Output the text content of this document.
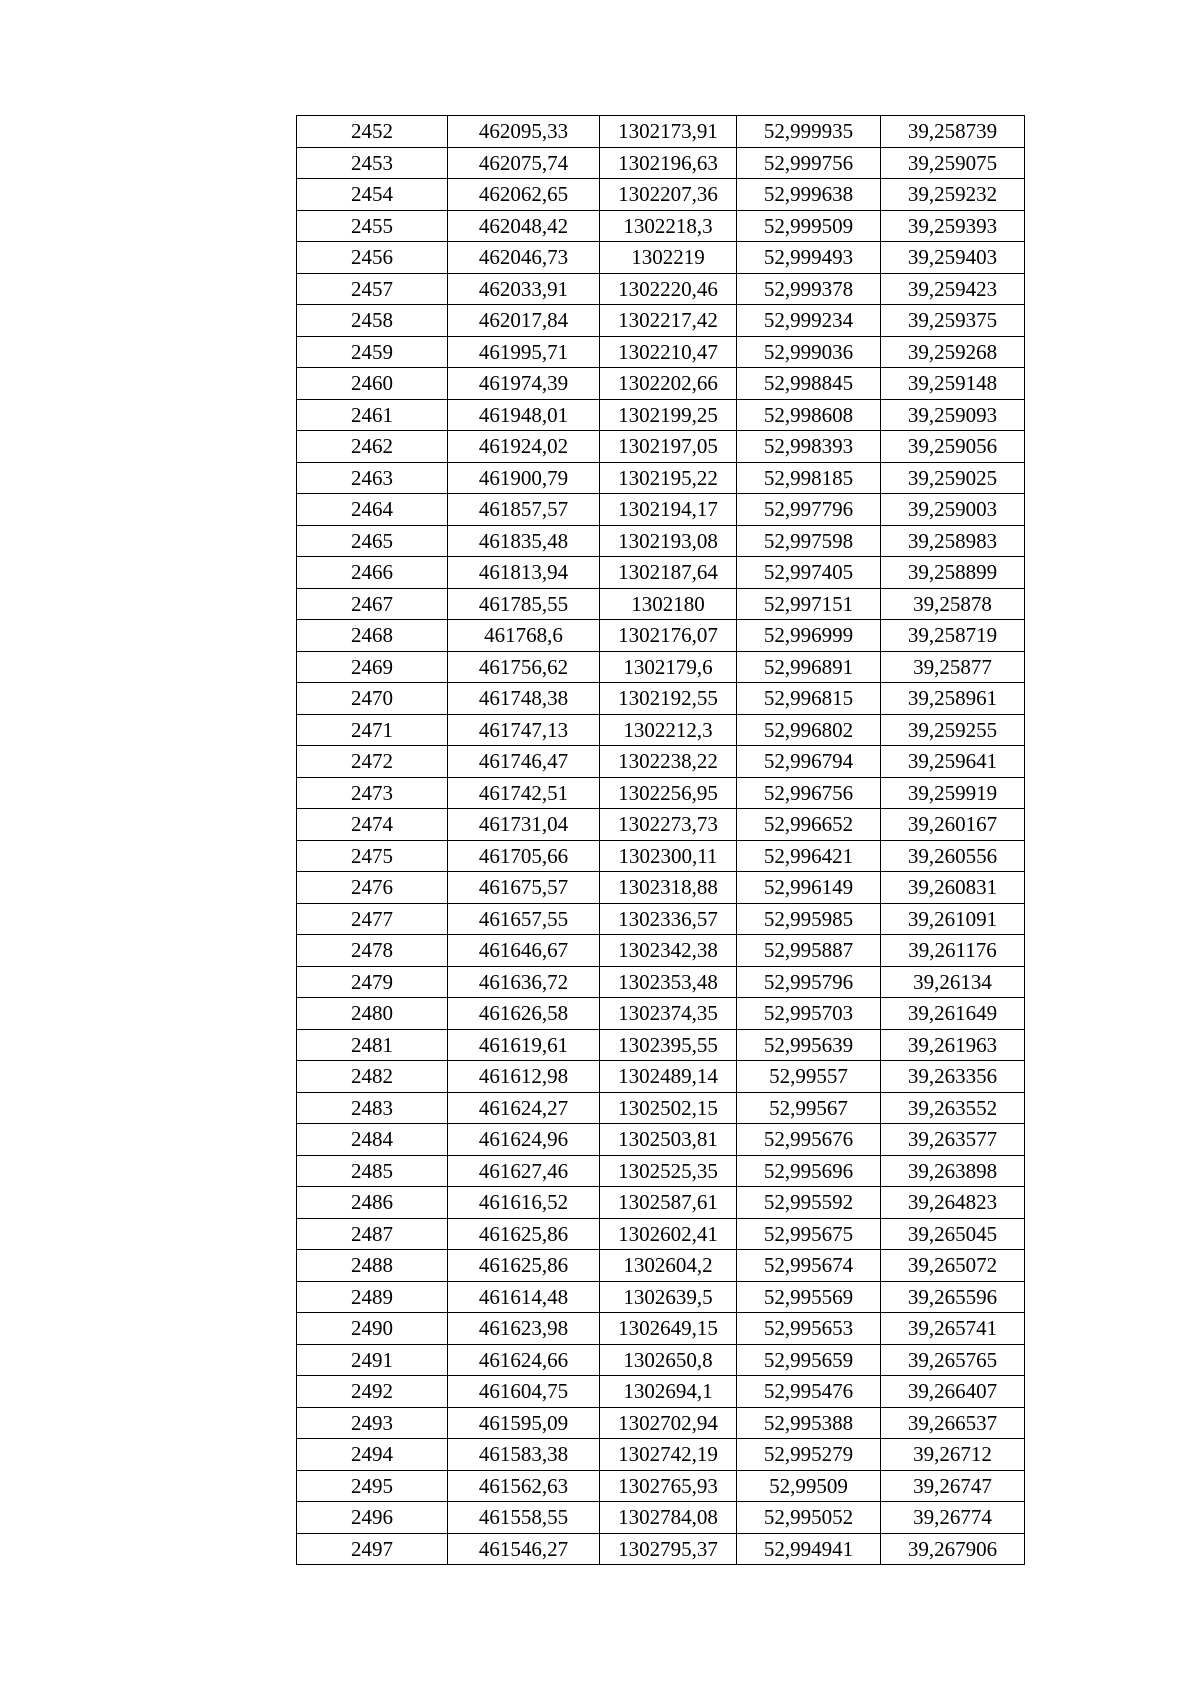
2452	462095,33	1302173,91	52,999935	39,258739
2453	462075,74	1302196,63	52,999756	39,259075
2454	462062,65	1302207,36	52,999638	39,259232
2455	462048,42	1302218,3	52,999509	39,259393
2456	462046,73	1302219	52,999493	39,259403
2457	462033,91	1302220,46	52,999378	39,259423
2458	462017,84	1302217,42	52,999234	39,259375
2459	461995,71	1302210,47	52,999036	39,259268
2460	461974,39	1302202,66	52,998845	39,259148
2461	461948,01	1302199,25	52,998608	39,259093
2462	461924,02	1302197,05	52,998393	39,259056
2463	461900,79	1302195,22	52,998185	39,259025
2464	461857,57	1302194,17	52,997796	39,259003
2465	461835,48	1302193,08	52,997598	39,258983
2466	461813,94	1302187,64	52,997405	39,258899
2467	461785,55	1302180	52,997151	39,25878
2468	461768,6	1302176,07	52,996999	39,258719
2469	461756,62	1302179,6	52,996891	39,25877
2470	461748,38	1302192,55	52,996815	39,258961
2471	461747,13	1302212,3	52,996802	39,259255
2472	461746,47	1302238,22	52,996794	39,259641
2473	461742,51	1302256,95	52,996756	39,259919
2474	461731,04	1302273,73	52,996652	39,260167
2475	461705,66	1302300,11	52,996421	39,260556
2476	461675,57	1302318,88	52,996149	39,260831
2477	461657,55	1302336,57	52,995985	39,261091
2478	461646,67	1302342,38	52,995887	39,261176
2479	461636,72	1302353,48	52,995796	39,26134
2480	461626,58	1302374,35	52,995703	39,261649
2481	461619,61	1302395,55	52,995639	39,261963
2482	461612,98	1302489,14	52,99557	39,263356
2483	461624,27	1302502,15	52,99567	39,263552
2484	461624,96	1302503,81	52,995676	39,263577
2485	461627,46	1302525,35	52,995696	39,263898
2486	461616,52	1302587,61	52,995592	39,264823
2487	461625,86	1302602,41	52,995675	39,265045
2488	461625,86	1302604,2	52,995674	39,265072
2489	461614,48	1302639,5	52,995569	39,265596
2490	461623,98	1302649,15	52,995653	39,265741
2491	461624,66	1302650,8	52,995659	39,265765
2492	461604,75	1302694,1	52,995476	39,266407
2493	461595,09	1302702,94	52,995388	39,266537
2494	461583,38	1302742,19	52,995279	39,26712
2495	461562,63	1302765,93	52,99509	39,26747
2496	461558,55	1302784,08	52,995052	39,26774
2497	461546,27	1302795,37	52,994941	39,267906
